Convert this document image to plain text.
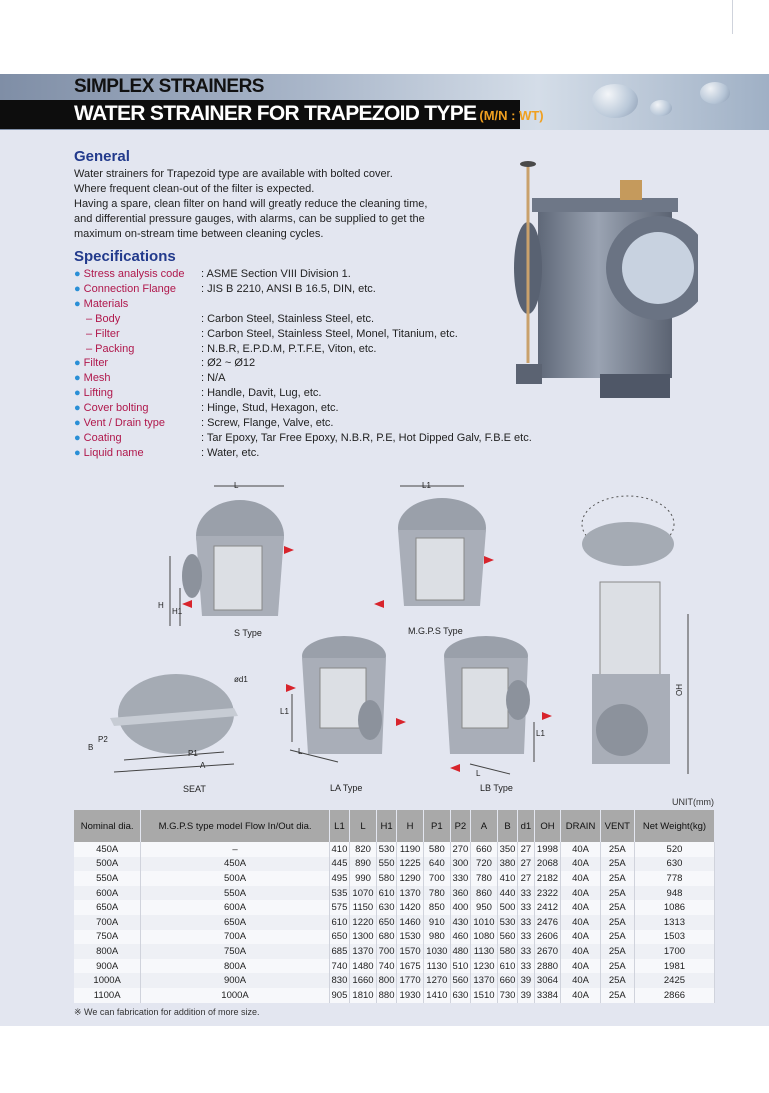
SIMPLEX STRAINERS
WATER STRAINER FOR TRAPEZOID TYPE (M/N : WT)
General
Water strainers for Trapezoid type are available with bolted cover.
Where frequent clean-out of the filter is expected.
Having a spare, clean filter on hand will greatly reduce the cleaning time,
and differential pressure gauges, with alarms, can be supplied to get the
maximum on-stream time between cleaning cycles.
Specifications
● Stress analysis code	: ASME Section VIII Division 1.
● Connection Flange	: JIS B 2210, ANSI B 16.5, DIN, etc.
● Materials
– Body	: Carbon Steel, Stainless Steel, etc.
– Filter	: Carbon Steel, Stainless Steel, Monel, Titanium, etc.
– Packing	: N.B.R, E.P.D.M, P.T.F.E, Viton, etc.
● Filter	: Ø2 ~ Ø12
● Mesh	: N/A
● Lifting	: Handle, Davit, Lug, etc.
● Cover bolting	: Hinge, Stud, Hexagon, etc.
● Vent / Drain type	: Screw, Flange, Valve, etc.
● Coating	: Tar Epoxy, Tar Free Epoxy, N.B.R, P.E, Hot Dipped Galv, F.B.E etc.
● Liquid name	: Water, etc.
L
H
H1
S Type
L1
M.G.P.S Type
OH
ød1
P1
A
B
P2
SEAT
L1
L
LA Type
L1
L
LB Type
UNIT(mm)
Nominal dia.	M.G.P.S type model Flow In/Out dia.	L1	L	H1	H	P1	P2	A	B	d1	OH	DRAIN	VENT	Net Weight(kg)
450A	–	410	820	530	1190	580	270	660	350	27	1998	40A	25A	520
500A	450A	445	890	550	1225	640	300	720	380	27	2068	40A	25A	630
550A	500A	495	990	580	1290	700	330	780	410	27	2182	40A	25A	778
600A	550A	535	1070	610	1370	780	360	860	440	33	2322	40A	25A	948
650A	600A	575	1150	630	1420	850	400	950	500	33	2412	40A	25A	1086
700A	650A	610	1220	650	1460	910	430	1010	530	33	2476	40A	25A	1313
750A	700A	650	1300	680	1530	980	460	1080	560	33	2606	40A	25A	1503
800A	750A	685	1370	700	1570	1030	480	1130	580	33	2670	40A	25A	1700
900A	800A	740	1480	740	1675	1130	510	1230	610	33	2880	40A	25A	1981
1000A	900A	830	1660	800	1770	1270	560	1370	660	39	3064	40A	25A	2425
1100A	1000A	905	1810	880	1930	1410	630	1510	730	39	3384	40A	25A	2866
※ We can fabrication for addition of more size.
